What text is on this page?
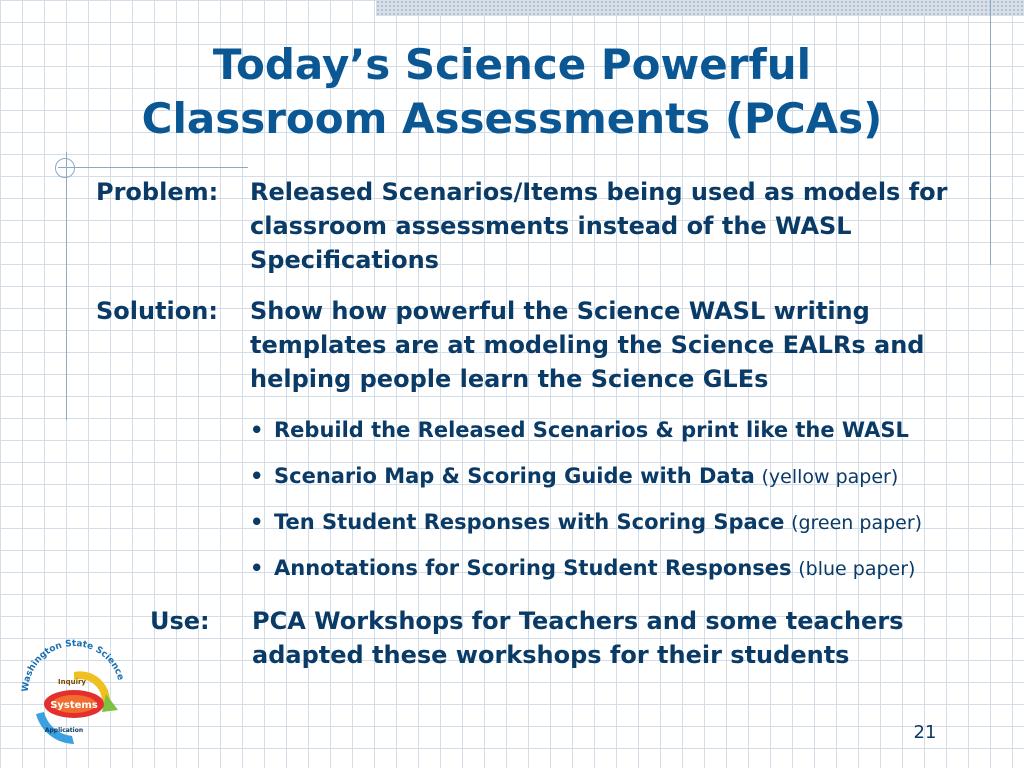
Today’s Science Powerful
Classroom Assessments (PCAs)
Problem: Released Scenarios/Items being used as models for classroom assessments instead of the WASL Specifications
Solution: Show how powerful the Science WASL writing templates are at modeling the Science EALRs and helping people learn the Science GLEs
• Rebuild the Released Scenarios & print like the WASL
• Scenario Map & Scoring Guide with Data (yellow paper)
• Ten Student Responses with Scoring Space (green paper)
• Annotations for Scoring Student Responses (blue paper)
Use: PCA Workshops for Teachers and some teachers adapted these workshops for their students
Washington State Science
Systems
Inquiry
Application	21
